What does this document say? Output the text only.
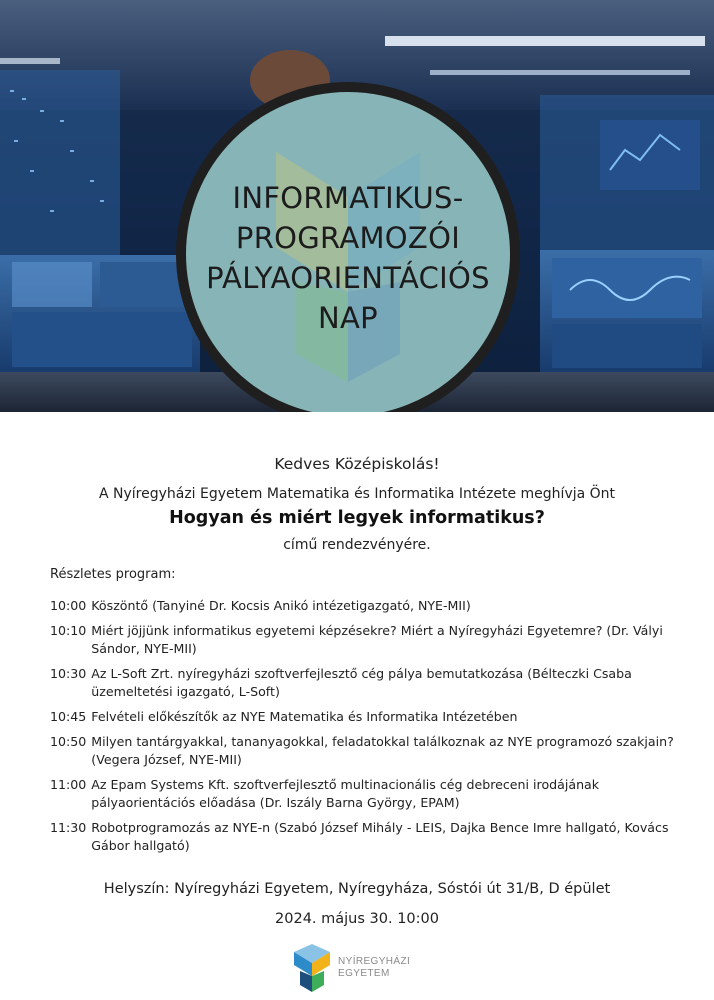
INFORMATIKUS-
PROGRAMOZÓI
PÁLYAORIENTÁCIÓS
NAP
Kedves Középiskolás!
A Nyíregyházi Egyetem Matematika és Informatika Intézete meghívja Önt
Hogyan és miért legyek informatikus?
című rendezvényére.
Részletes program:
10:00 Köszöntő (Tanyiné Dr. Kocsis Anikó intézetigazgató, NYE-MII)
10:10 Miért jöjjünk informatikus egyetemi képzésekre? Miért a Nyíregyházi Egyetemre? (Dr. Vályi Sándor, NYE-MII)
10:30 Az L-Soft Zrt. nyíregyházi szoftverfejlesztő cég pálya bemutatkozása (Bélteczki Csaba üzemeltetési igazgató, L-Soft)
10:45 Felvételi előkészítők az NYE Matematika és Informatika Intézetében
10:50 Milyen tantárgyakkal, tananyagokkal, feladatokkal találkoznak az NYE programozó szakjain? (Vegera József, NYE-MII)
11:00 Az Epam Systems Kft. szoftverfejlesztő multinacionális cég debreceni irodájának pályaorientációs előadása (Dr. Iszály Barna György, EPAM)
11:30 Robotprogramozás az NYE-n (Szabó József Mihály - LEIS, Dajka Bence Imre hallgató, Kovács Gábor hallgató)
Helyszín: Nyíregyházi Egyetem, Nyíregyháza, Sóstói út 31/B, D épület
2024. május 30. 10:00
NYÍREGYHÁZI
EGYETEM
